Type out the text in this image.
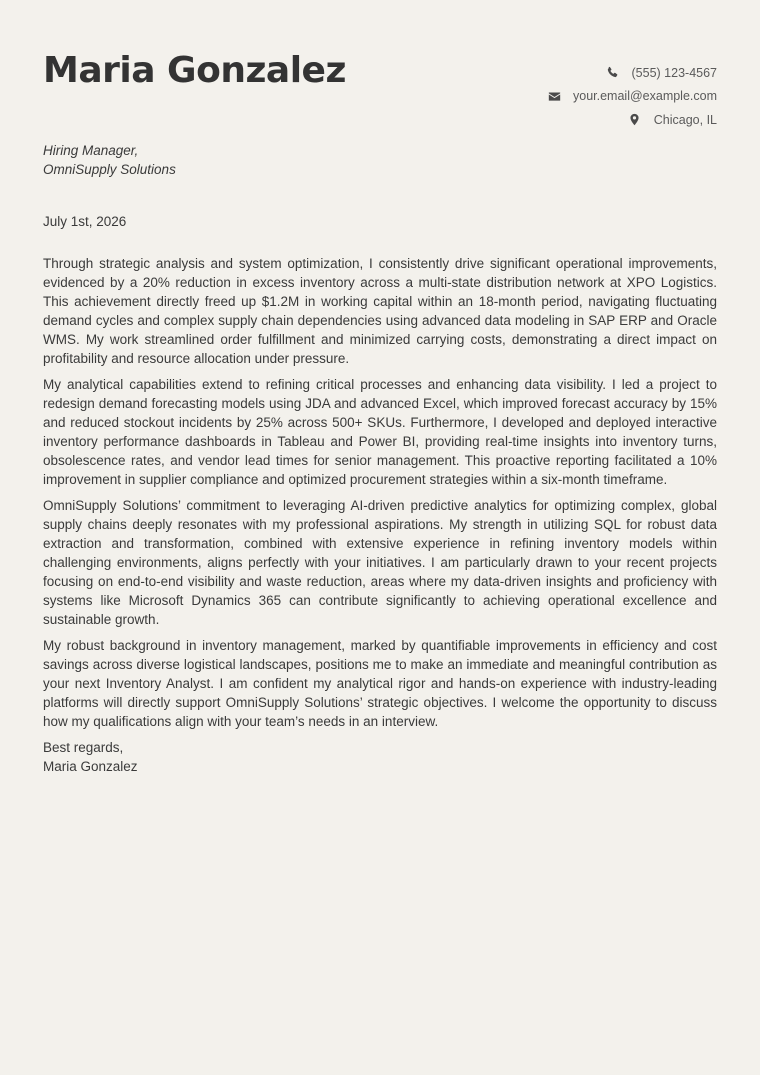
Maria Gonzalez	(555) 123-4567
your.email@example.com
Chicago, IL
Hiring Manager,
OmniSupply Solutions
July 1st, 2026

Through strategic analysis and system optimization, I consistently drive significant operational improvements, evidenced by a 20% reduction in excess inventory across a multi-state distribution network at XPO Logistics. This achievement directly freed up $1.2M in working capital within an 18-month period, navigating fluctuating demand cycles and complex supply chain dependencies using advanced data modeling in SAP ERP and Oracle WMS. My work streamlined order fulfillment and minimized carrying costs, demonstrating a direct impact on profitability and resource allocation under pressure.

My analytical capabilities extend to refining critical processes and enhancing data visibility. I led a project to redesign demand forecasting models using JDA and advanced Excel, which improved forecast accuracy by 15% and reduced stockout incidents by 25% across 500+ SKUs. Furthermore, I developed and deployed interactive inventory performance dashboards in Tableau and Power BI, providing real-time insights into inventory turns, obsolescence rates, and vendor lead times for senior management. This proactive reporting facilitated a 10% improvement in supplier compliance and optimized procurement strategies within a six-month timeframe.

OmniSupply Solutions’ commitment to leveraging AI-driven predictive analytics for optimizing complex, global supply chains deeply resonates with my professional aspirations. My strength in utilizing SQL for robust data extraction and transformation, combined with extensive experience in refining inventory models within challenging environments, aligns perfectly with your initiatives. I am particularly drawn to your recent projects focusing on end-to-end visibility and waste reduction, areas where my data-driven insights and proficiency with systems like Microsoft Dynamics 365 can contribute significantly to achieving operational excellence and sustainable growth.

My robust background in inventory management, marked by quantifiable improvements in efficiency and cost savings across diverse logistical landscapes, positions me to make an immediate and meaningful contribution as your next Inventory Analyst. I am confident my analytical rigor and hands-on experience with industry-leading platforms will directly support OmniSupply Solutions’ strategic objectives. I welcome the opportunity to discuss how my qualifications align with your team’s needs in an interview.

Best regards,
Maria Gonzalez
